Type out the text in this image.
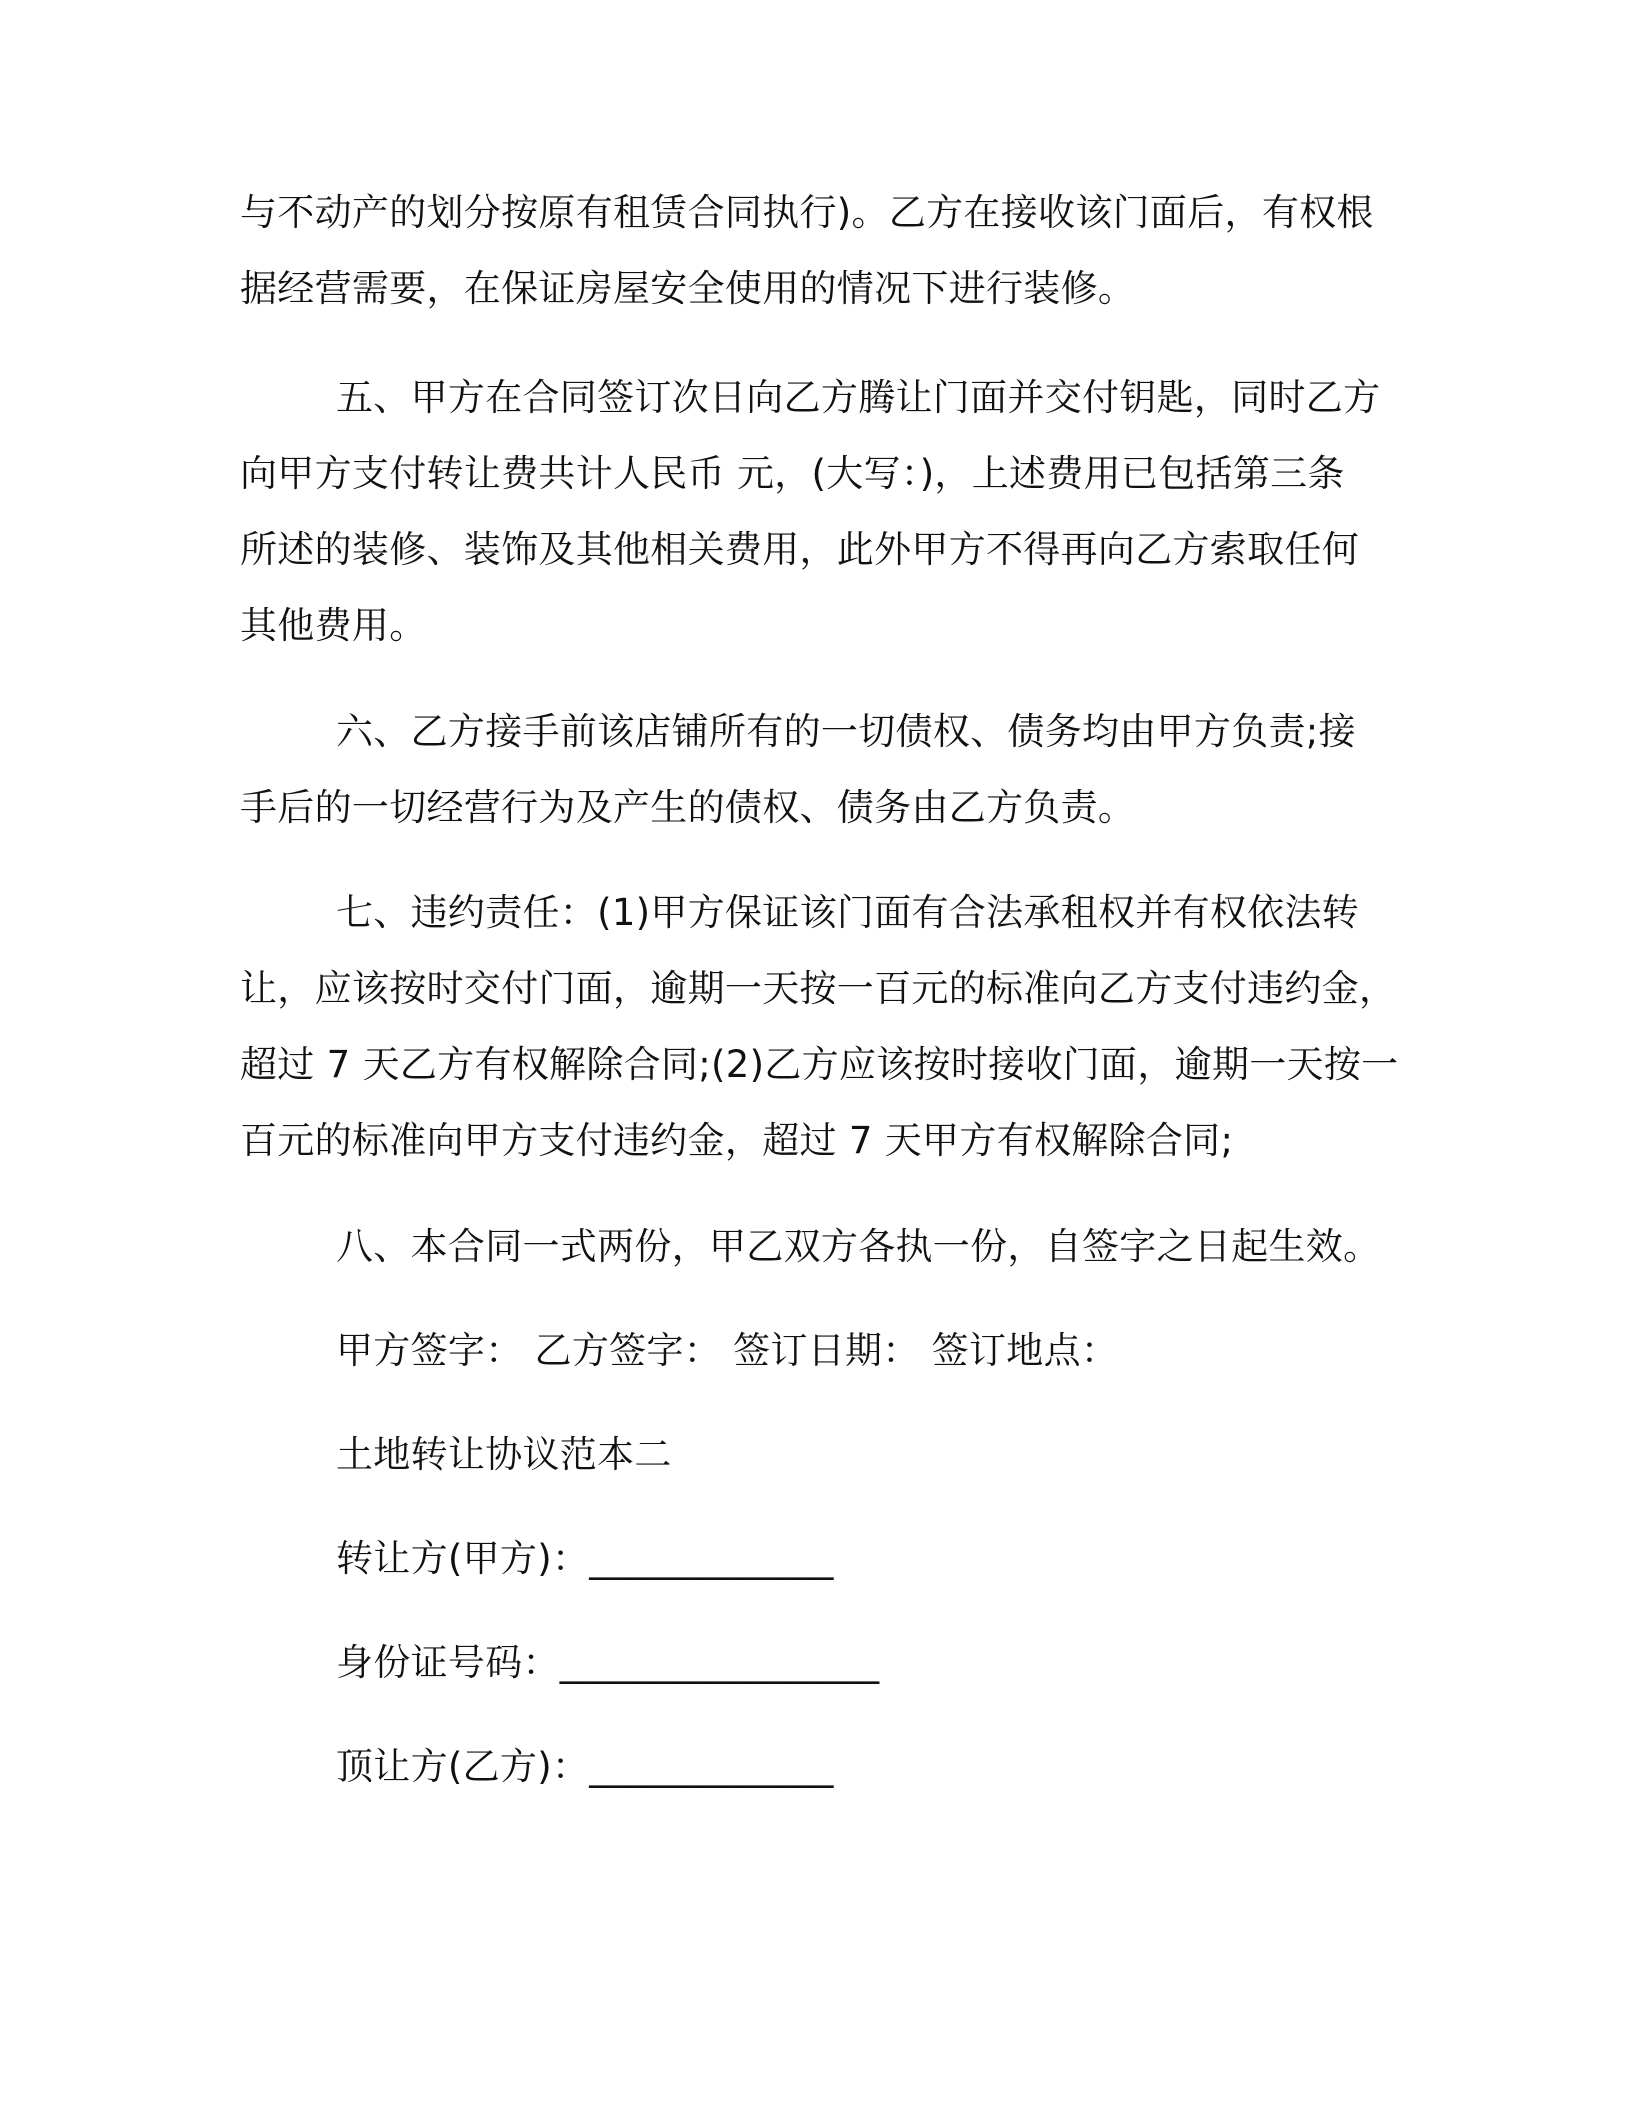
与不动产的划分按原有租赁合同执行)。乙方在接收该门面后，有权根
据经营需要，在保证房屋安全使用的情况下进行装修。
五、甲方在合同签订次日向乙方腾让门面并交付钥匙，同时乙方
向甲方支付转让费共计人民币 元，(大写：)，上述费用已包括第三条
所述的装修、装饰及其他相关费用，此外甲方不得再向乙方索取任何
其他费用。
六、乙方接手前该店铺所有的一切债权、债务均由甲方负责;接
手后的一切经营行为及产生的债权、债务由乙方负责。
七、违约责任：(1)甲方保证该门面有合法承租权并有权依法转
让，应该按时交付门面，逾期一天按一百元的标准向乙方支付违约金，
超过 7 天乙方有权解除合同;(2)乙方应该按时接收门面，逾期一天按一
百元的标准向甲方支付违约金，超过 7 天甲方有权解除合同;
八、本合同一式两份，甲乙双方各执一份，自签字之日起生效。
甲方签字： 乙方签字： 签订日期： 签订地点：
土地转让协议范本二
转让方(甲方)：_____________
身份证号码：_________________
顶让方(乙方)：_____________
